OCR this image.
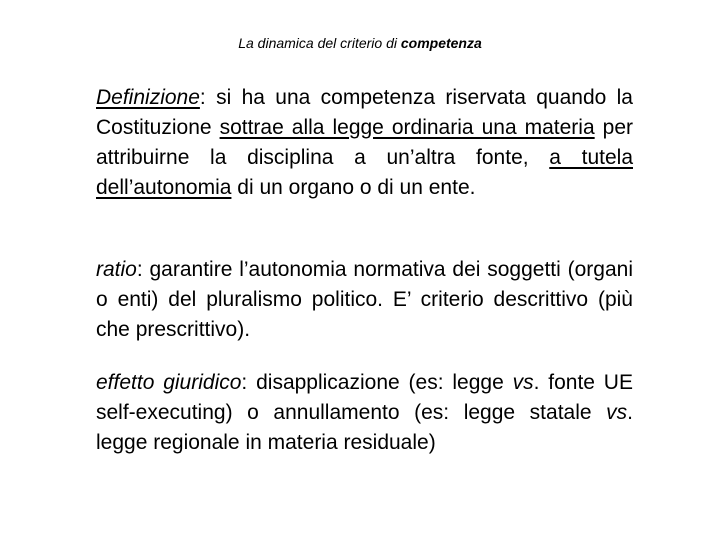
La dinamica del criterio di competenza

Definizione: si ha una competenza riservata quando la Costituzione sottrae alla legge ordinaria una materia per attribuirne la disciplina a un’altra fonte, a tutela dell’autonomia di un organo o di un ente.

ratio: garantire l’autonomia normativa dei soggetti (organi o enti) del pluralismo politico. E’ criterio descrittivo (più che prescrittivo).

effetto giuridico: disapplicazione (es: legge vs. fonte UE self-executing) o annullamento (es: legge statale vs. legge regionale in materia residuale)
